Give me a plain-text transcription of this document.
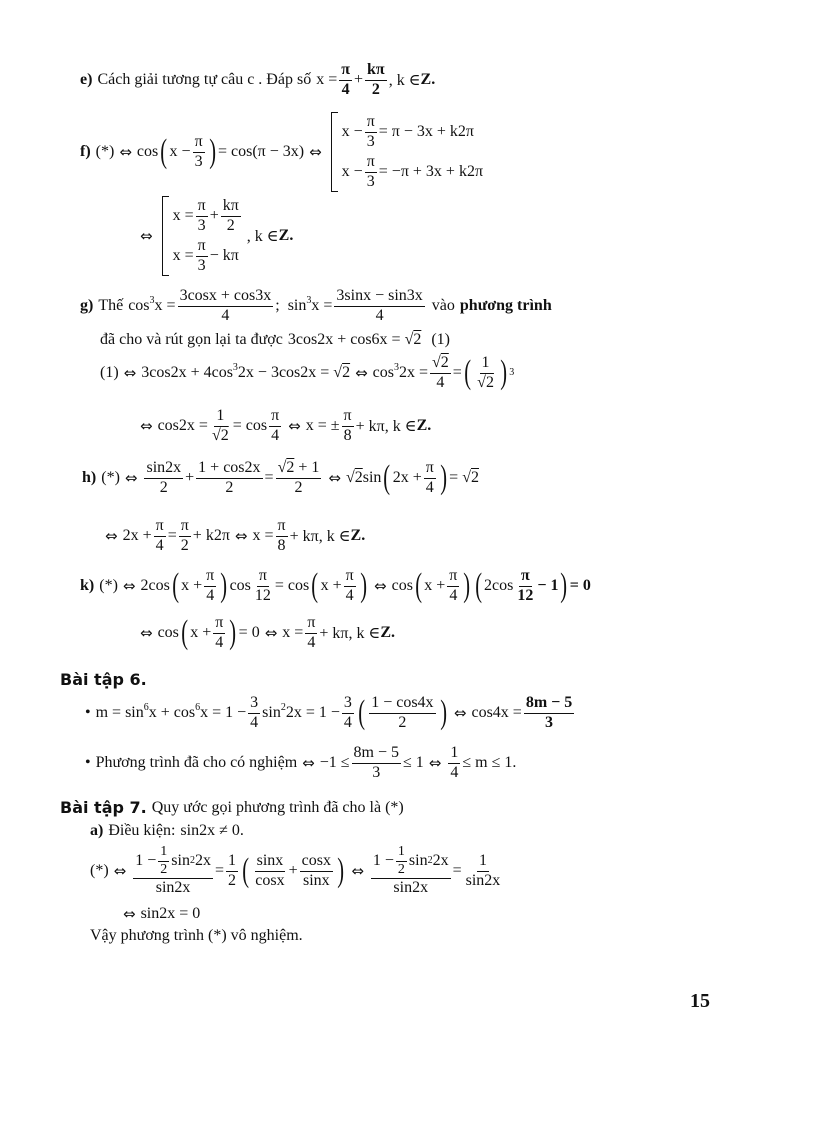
e) Cách giải tương tự câu c . Đáp số $x = \frac{\pi}{4} + \frac{k\pi}{2}$ , k ∈ Z.
f) (*) ⇔ cos ( $x - \frac{\pi}{3}$ ) = cos(π − 3x) ⇔
$x - \frac{\pi}{3} = \pi - 3x + k2\pi$
$x - \frac{\pi}{3} = -\pi + 3x + k2\pi$
⇔
$x = \frac{\pi}{3} + \frac{k\pi}{2}$
$x = \frac{\pi}{3} - k\pi$
, k ∈ Z.
g) Thế $\cos^3x = \frac{3\cos x + \cos 3x}{4}$ ;  $\sin^3x = \frac{3\sin x - \sin 3x}{4}$ vào phương trình
đã cho và rút gọn lại ta được 3cos2x + cos6x = √2 (1)
(1) ⇔ $3\cos 2x + 4\cos^32x - 3\cos 2x = √2$ ⇔ $\cos^32x = \frac{√2}{4}$ = ( $\frac{1}{√2}$ ) 3
⇔ $\cos 2x = \frac{1}{√2} = \cos \frac{\pi}{4}$ ⇔ x = ± $\frac{\pi}{8} + k\pi$, k ∈ Z.
h) (*) ⇔ $\frac{\sin 2x}{2} + \frac{1 + \cos 2x}{2} = \frac{√2 + 1}{2}$ ⇔ √2sin ( $2x + \frac{\pi}{4}$ ) = √2
⇔ $2x + \frac{\pi}{4} = \frac{\pi}{2} + k2\pi$ ⇔ $x = \frac{\pi}{8} + k\pi$, k ∈ Z.
k) (*) ⇔ 2cos ( $x + \frac{\pi}{4}$ ) $\cos \frac{\pi}{12} = \cos$ ( $x + \frac{\pi}{4}$ ) ⇔ cos ( $x + \frac{\pi}{4}$ ) ( $2\cos \frac{\pi}{12} - 1$ ) = 0
⇔ cos ( $x + \frac{\pi}{4}$ ) = 0 ⇔ $x = \frac{\pi}{4} + k\pi$, k ∈ Z.
Bài tập 6.
• $m = \sin^6x + \cos^6x = 1 - \frac{3}{4} \sin^22x = 1 - \frac{3}{4}$ ( $\frac{1 - \cos 4x}{2}$ ) ⇔ $\cos 4x = \frac{8m - 5}{3}$
• Phương trình đã cho có nghiệm ⇔ $-1 \le \frac{8m - 5}{3} \le 1$ ⇔ $\frac{1}{4} \le m \le 1$.
Bài tập 7. Quy ước gọi phương trình đã cho là (*)
a) Điều kiện: sin2x ≠ 0.
(*) ⇔ $\frac{1 - \frac{1}{2} \sin 2 2x}{\sin 2x} = \frac{1}{2}$ ( $\frac{\sin x}{\cos x} + \frac{\cos x}{\sin x}$ ) ⇔ $\frac{1 - \frac{1}{2} \sin 2 2x}{\sin 2x} = \frac{1}{\sin 2x}$
⇔ sin2x = 0
Vậy phương trình (*) vô nghiệm.
15
